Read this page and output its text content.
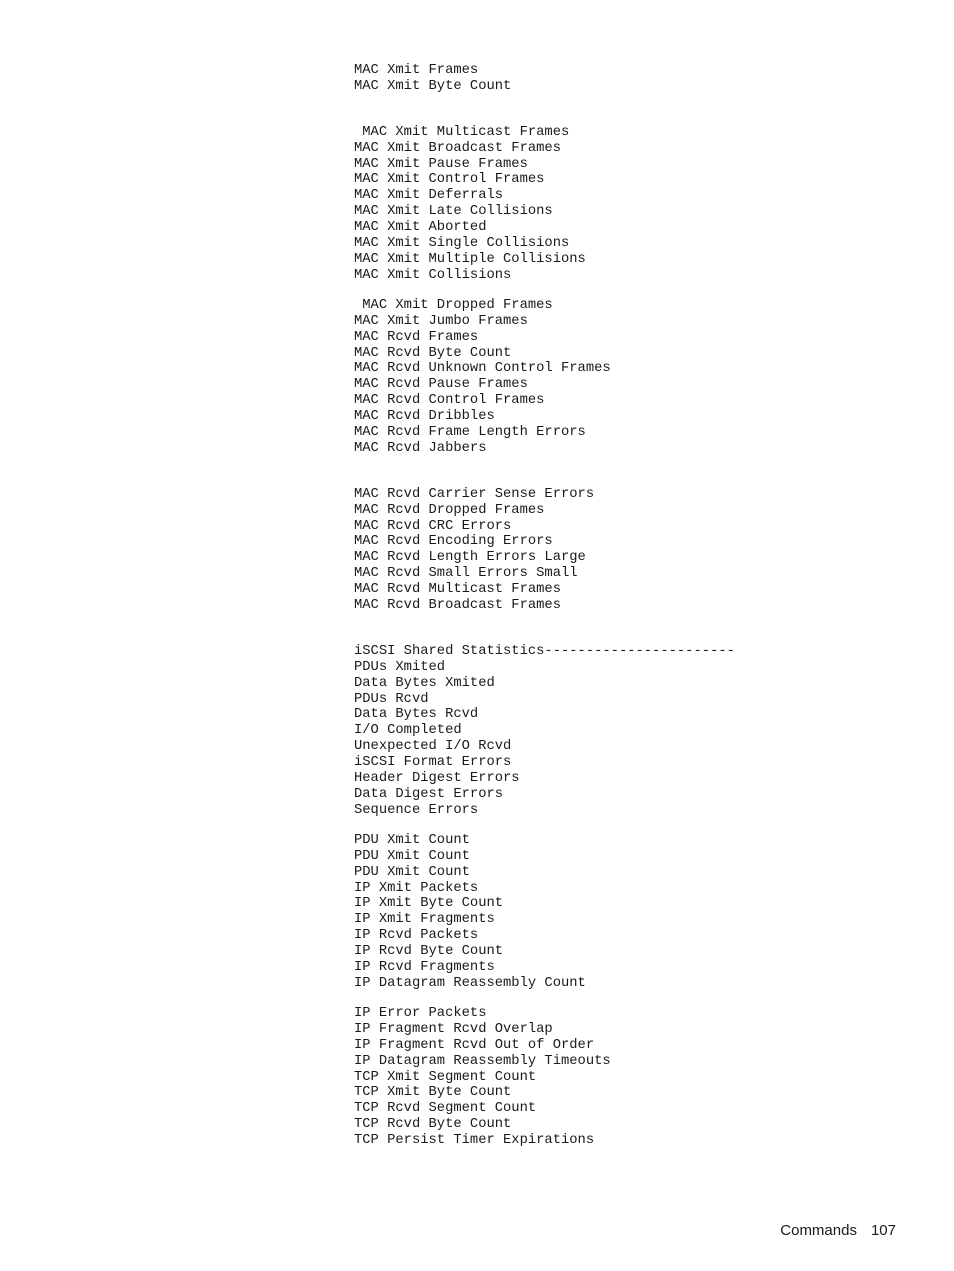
MAC Xmit Frames
MAC Xmit Byte Count
MAC Xmit Multicast Frames
MAC Xmit Broadcast Frames
MAC Xmit Pause Frames
MAC Xmit Control Frames
MAC Xmit Deferrals
MAC Xmit Late Collisions
MAC Xmit Aborted
MAC Xmit Single Collisions
MAC Xmit Multiple Collisions
MAC Xmit Collisions
MAC Xmit Dropped Frames
MAC Xmit Jumbo Frames
MAC Rcvd Frames
MAC Rcvd Byte Count
MAC Rcvd Unknown Control Frames
MAC Rcvd Pause Frames
MAC Rcvd Control Frames
MAC Rcvd Dribbles
MAC Rcvd Frame Length Errors
MAC Rcvd Jabbers
MAC Rcvd Carrier Sense Errors
MAC Rcvd Dropped Frames
MAC Rcvd CRC Errors
MAC Rcvd Encoding Errors
MAC Rcvd Length Errors Large
MAC Rcvd Small Errors Small
MAC Rcvd Multicast Frames
MAC Rcvd Broadcast Frames
iSCSI Shared Statistics-----------------------
PDUs Xmited
Data Bytes Xmited
PDUs Rcvd
Data Bytes Rcvd
I/O Completed
Unexpected I/O Rcvd
iSCSI Format Errors
Header Digest Errors
Data Digest Errors
Sequence Errors
PDU Xmit Count
PDU Xmit Count
PDU Xmit Count
IP Xmit Packets
IP Xmit Byte Count
IP Xmit Fragments
IP Rcvd Packets
IP Rcvd Byte Count
IP Rcvd Fragments
IP Datagram Reassembly Count
IP Error Packets
IP Fragment Rcvd Overlap
IP Fragment Rcvd Out of Order
IP Datagram Reassembly Timeouts
TCP Xmit Segment Count
TCP Xmit Byte Count
TCP Rcvd Segment Count
TCP Rcvd Byte Count
TCP Persist Timer Expirations
Commands 107
